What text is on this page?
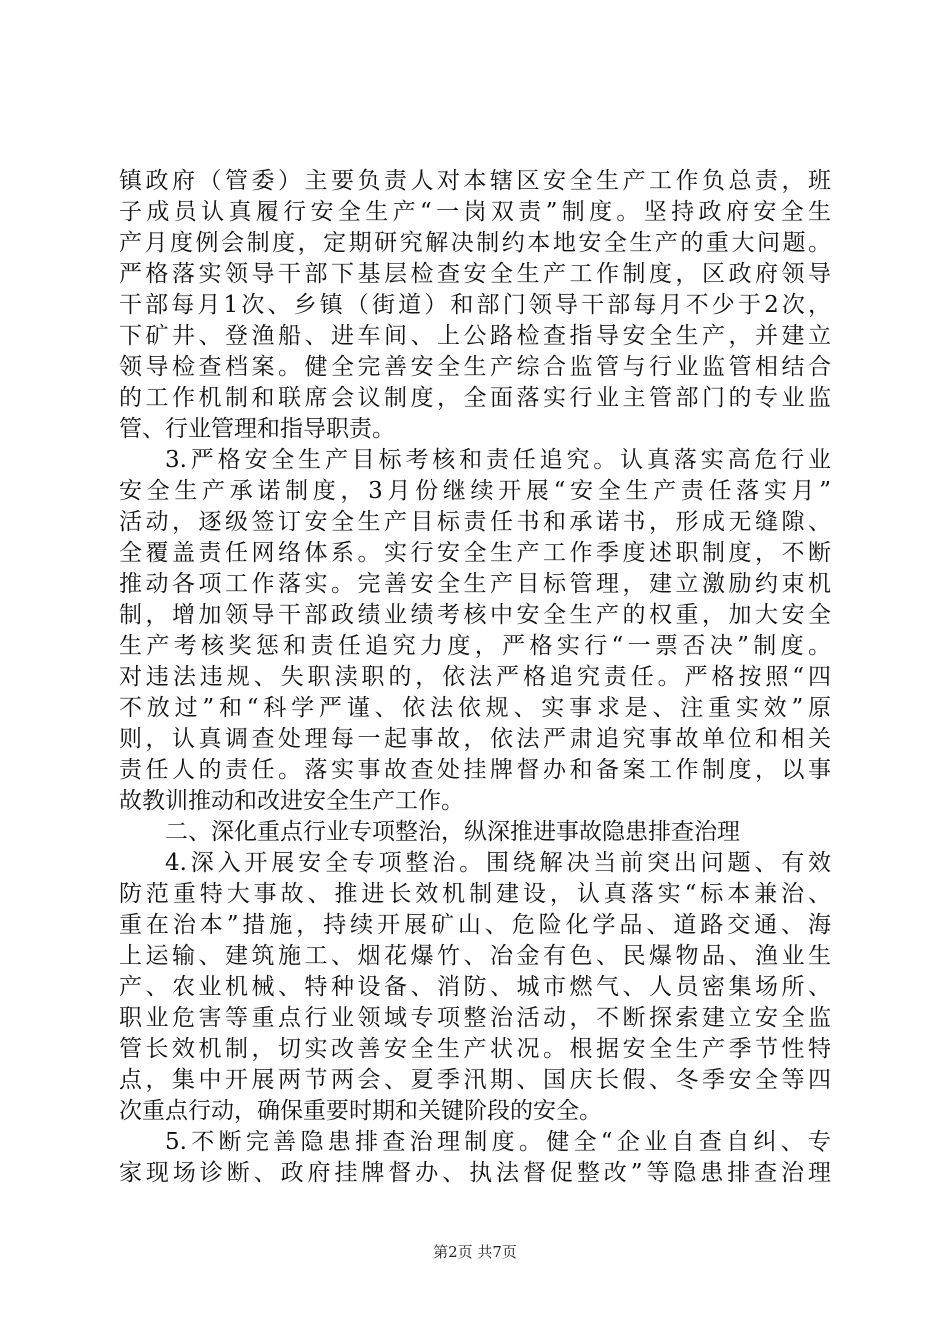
镇政府（管委）主要负责人对本辖区安全生产工作负总责，班
子成员认真履行安全生产“一岗双责”制度。坚持政府安全生
产月度例会制度，定期研究解决制约本地安全生产的重大问题。
严格落实领导干部下基层检查安全生产工作制度，区政府领导
干部每月1次、乡镇（街道）和部门领导干部每月不少于2次，
下矿井、登渔船、进车间、上公路检查指导安全生产，并建立
领导检查档案。健全完善安全生产综合监管与行业监管相结合
的工作机制和联席会议制度，全面落实行业主管部门的专业监
管、行业管理和指导职责。
3.严格安全生产目标考核和责任追究。认真落实高危行业
安全生产承诺制度，3月份继续开展“安全生产责任落实月”
活动，逐级签订安全生产目标责任书和承诺书，形成无缝隙、
全覆盖责任网络体系。实行安全生产工作季度述职制度，不断
推动各项工作落实。完善安全生产目标管理，建立激励约束机
制，增加领导干部政绩业绩考核中安全生产的权重，加大安全
生产考核奖惩和责任追究力度，严格实行“一票否决”制度。
对违法违规、失职渎职的，依法严格追究责任。严格按照“四
不放过”和“科学严谨、依法依规、实事求是、注重实效”原
则，认真调查处理每一起事故，依法严肃追究事故单位和相关
责任人的责任。落实事故查处挂牌督办和备案工作制度，以事
故教训推动和改进安全生产工作。
二、深化重点行业专项整治，纵深推进事故隐患排查治理
4.深入开展安全专项整治。围绕解决当前突出问题、有效
防范重特大事故、推进长效机制建设，认真落实“标本兼治、
重在治本”措施，持续开展矿山、危险化学品、道路交通、海
上运输、建筑施工、烟花爆竹、冶金有色、民爆物品、渔业生
产、农业机械、特种设备、消防、城市燃气、人员密集场所、
职业危害等重点行业领域专项整治活动，不断探索建立安全监
管长效机制，切实改善安全生产状况。根据安全生产季节性特
点，集中开展两节两会、夏季汛期、国庆长假、冬季安全等四
次重点行动，确保重要时期和关键阶段的安全。
5.不断完善隐患排查治理制度。健全“企业自查自纠、专
家现场诊断、政府挂牌督办、执法督促整改”等隐患排查治理
第2页 共7页
